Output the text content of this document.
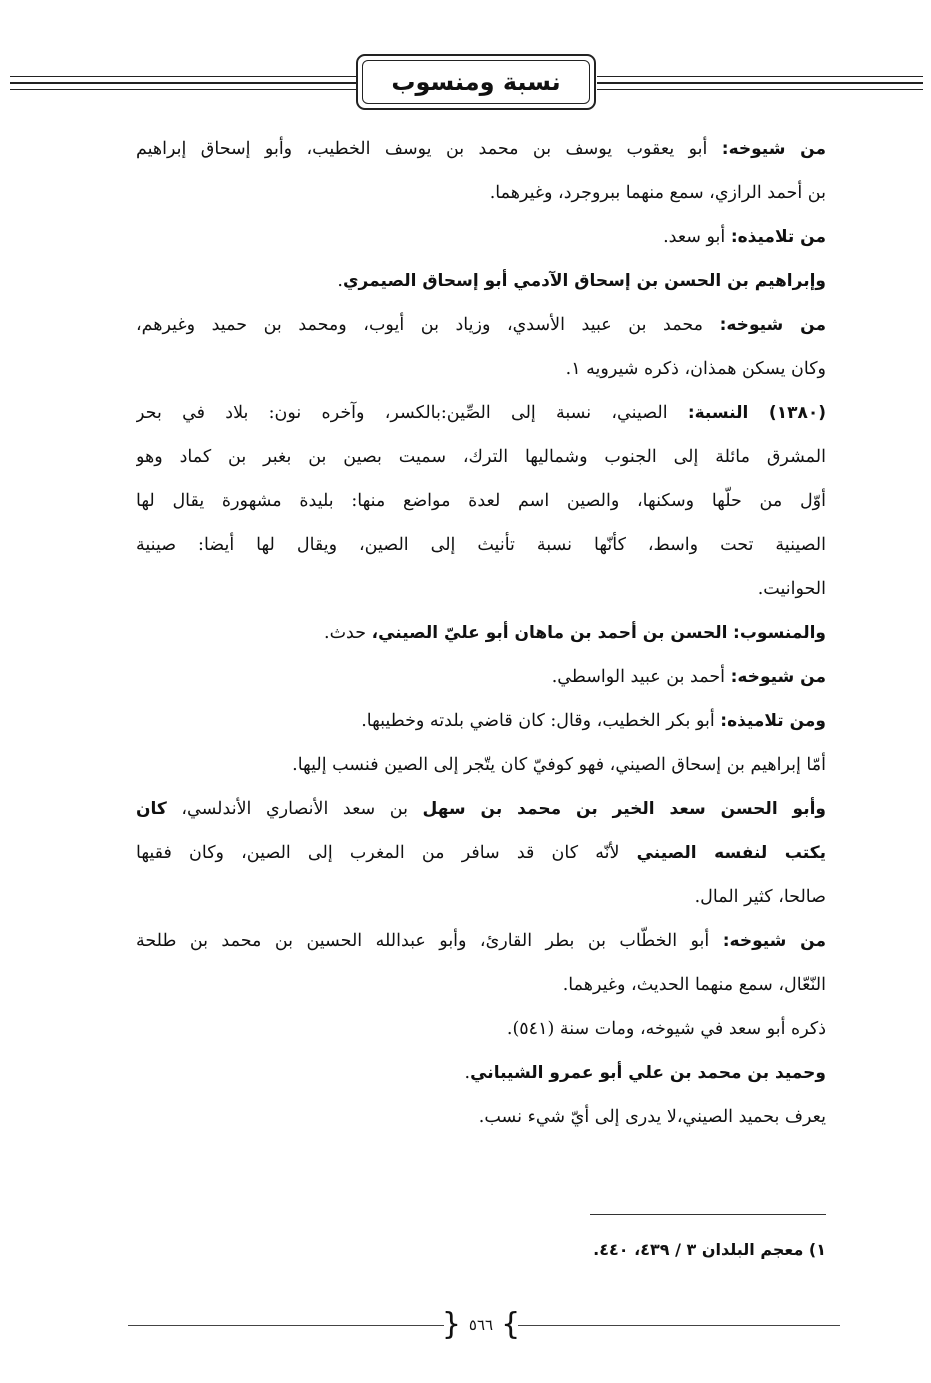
نسبة ومنسوب
من شيوخه: أبو يعقوب يوسف بن محمد بن يوسف الخطيب، وأبو إسحاق إبراهيم
بن أحمد الرازي، سمع منهما ببروجرد، وغيرهما.
من تلاميذه: أبو سعد.
وإبراهيم بن الحسن بن إسحاق الآدمي أبو إسحاق الصيمري.
من شيوخه: محمد بن عبيد الأسدي، وزياد بن أيوب، ومحمد بن حميد وغيرهم،
وكان يسكن همذان، ذكره شيرويه ١.
(١٣٨٠) النسبة: الصيني، نسبة إلى الصِّين:بالكسر، وآخره نون: بلاد في بحر
المشرق مائلة إلى الجنوب وشماليها الترك، سميت بصين بن بغبر بن كماد وهو
أوّل من حلّها وسكنها، والصين اسم لعدة مواضع منها: بليدة مشهورة يقال لها
الصينية تحت واسط، كأنّها نسبة تأنيث إلى الصين، ويقال لها أيضا: صينية
الحوانيت.
والمنسوب: الحسن بن أحمد بن ماهان أبو عليّ الصيني، حدث.
من شيوخه: أحمد بن عبيد الواسطي.
ومن تلاميذه: أبو بكر الخطيب، وقال: كان قاضي بلدته وخطيبها.
أمّا إبراهيم بن إسحاق الصيني، فهو كوفيّ كان يتّجر إلى الصين فنسب إليها.
وأبو الحسن سعد الخير بن محمد بن سهل بن سعد الأنصاري الأندلسي، كان
يكتب لنفسه الصيني لأنّه كان قد سافر من المغرب إلى الصين، وكان فقيها
صالحا، كثير المال.
من شيوخه: أبو الخطّاب بن بطر القارئ، وأبو عبدالله الحسين بن محمد بن طلحة
النّعّال، سمع منهما الحديث، وغيرهما.
ذكره أبو سعد في شيوخه، ومات سنة (٥٤١).
وحميد بن محمد بن علي أبو عمرو الشيباني.
يعرف بحميد الصيني،لا يدرى إلى أيّ شيء نسب.
١) معجم البلدان ٣ / ٤٣٩، ٤٤٠.
}
٥٦٦
{
